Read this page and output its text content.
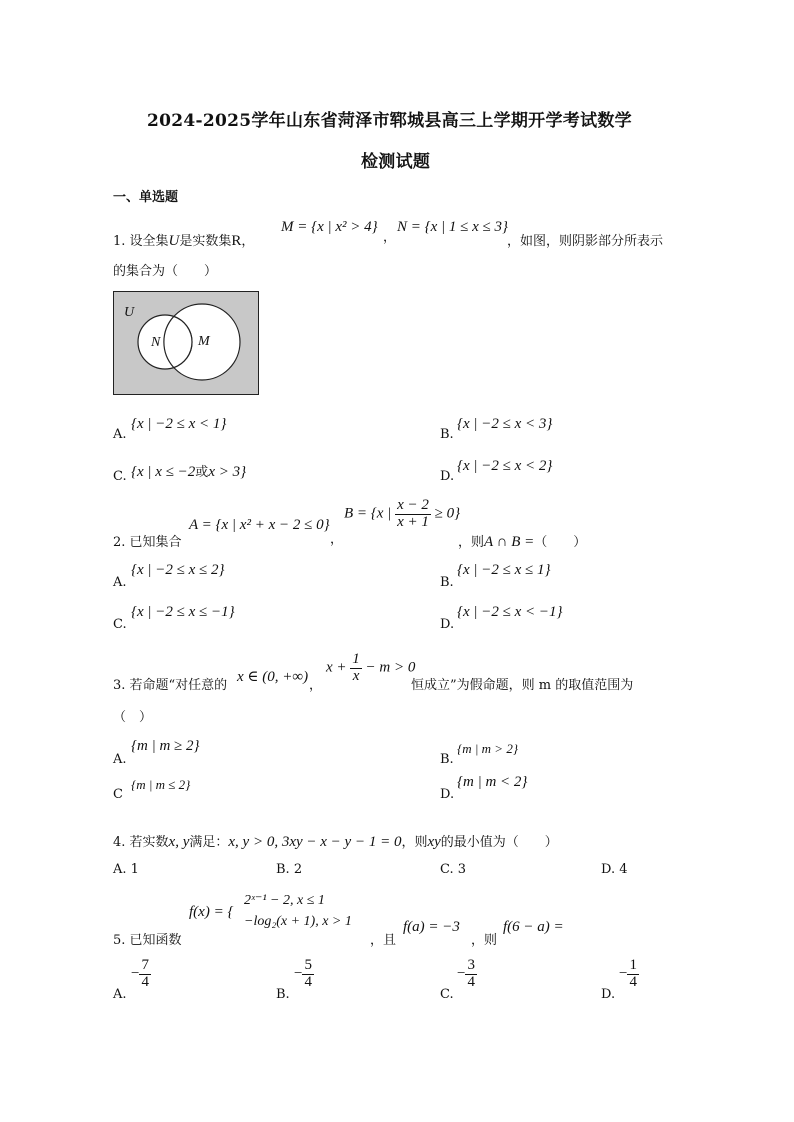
2024-2025学年山东省菏泽市郓城县高三上学期开学考试数学
检测试题
一、单选题
1. 设全集U是实数集R，
M = {x | x² > 4}
，
N = {x | 1 ≤ x ≤ 3}
，如图，则阴影部分所表示
的集合为（　　）
U
N	M
A.
{x | −2 ≤ x < 1}
B.
{x | −2 ≤ x < 3}
C. {x | x ≤ −2或x > 3}	D.
{x | −2 ≤ x < 2}
2. 已知集合
A = {x | x² + x − 2 ≤ 0}
，
B = {x | $\frac{x - 2}{x + 1} \ge 0$}
，则A ∩ B =（　　）
A.
{x | −2 ≤ x ≤ 2}
B.
{x | −2 ≤ x ≤ 1}
C.
{x | −2 ≤ x ≤ −1}
D.
{x | −2 ≤ x < −1}
3. 若命题“对任意的
x ∈ (0, +∞)
，
$x + \frac{1}{x} - m > 0$
恒成立”为假命题，则 m 的取值范围为
（　）
A.
{m | m ≥ 2}
B.
{m | m > 2}
C
{m | m ≤ 2}
D.
{m | m < 2}
4. 若实数x, y满足：x, y > 0, 3xy − x − y − 1 = 0，则xy的最小值为（　　）
A. 1	B. 2	C. 3	D. 4
5. 已知函数
f(x) = {
2ˣ⁻¹ − 2, x ≤ 1
−log₂(x + 1), x > 1
，且
f(a) = −3
，则
f(6 − a) =
A.
− $\frac{7}{4}$
B.
− $\frac{5}{4}$
C.
− $\frac{3}{4}$
D.
− $\frac{1}{4}$
